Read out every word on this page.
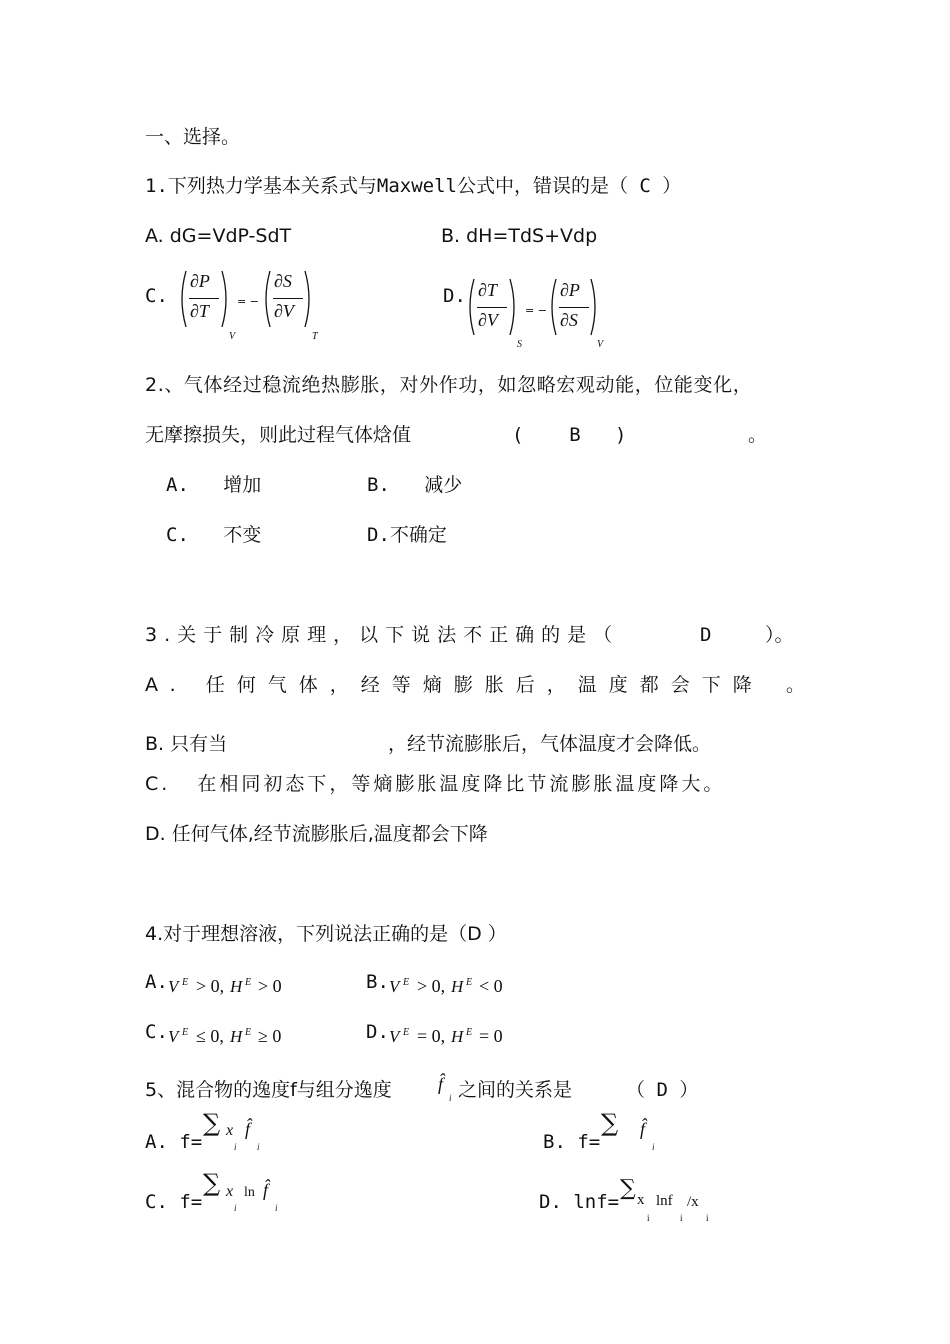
一、选择。
1.下列热力学基本关系式与Maxwell公式中，错误的是（ C ）
A. dG=VdP-SdT	B. dH=TdS+Vdp
C.
∂P
∂T
V
= −
∂S
∂V
T
D. ∂T
∂V
S
= −
∂P
∂S
V
2.、气体经过稳流绝热膨胀，对外作功，如忽略宏观动能，位能变化，
无摩擦损失，则此过程气体焓值	(    B   )	。
A.   增加	B.   减少
C.   不变	D.不确定
3.关于制冷原理，以下说法不正确的是（	D	）。
A. 任何气体，经等熵膨胀后，温度都会下降 。
B. 只有当	，经节流膨胀后，气体温度才会降低。
C.   在相同初态下，等熵膨胀温度降比节流膨胀温度降大。
D. 任何气体,经节流膨胀后,温度都会下降
4.对于理想溶液，下列说法正确的是（D ）
A. V E > 0, H E > 0	B. V E > 0, H E < 0
C. V E ≤ 0, H E ≥ 0	D. V E = 0, H E = 0
5、混合物的逸度f与组分逸度	f̂
i 之间的关系是	（ D ）
A. f=
∑ x
i
f̂
i	B. f=
∑ f̂
i
C. f=
∑ x
i
ln f̂
i	D. lnf=
∑ x
i
lnf
i
/x
i
